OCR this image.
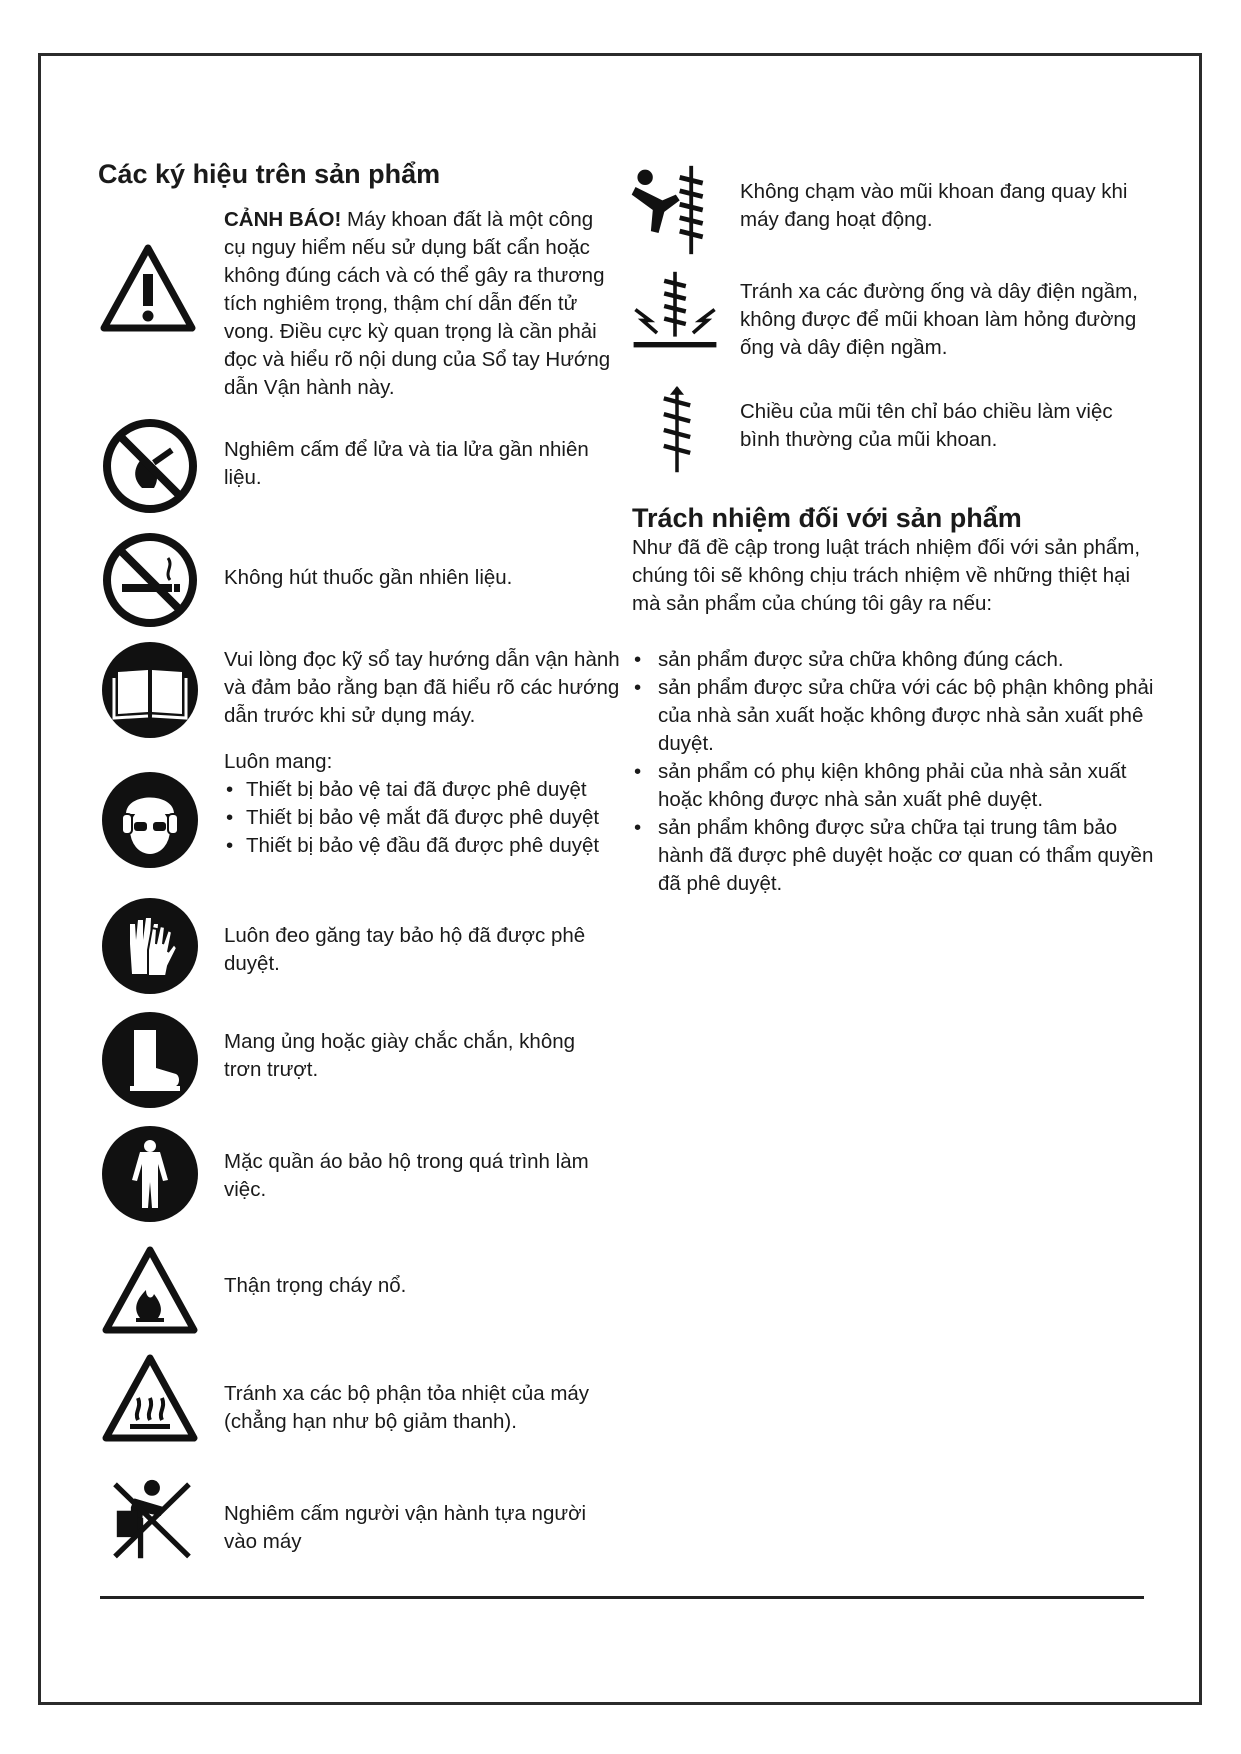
Các ký hiệu trên sản phẩm

CẢNH BÁO! Máy khoan đất là một công cụ nguy hiểm nếu sử dụng bất cẩn hoặc không đúng cách và có thể gây ra thương tích nghiêm trọng, thậm chí dẫn đến tử vong. Điều cực kỳ quan trọng là cần phải đọc và hiểu rõ nội dung của Sổ tay Hướng dẫn Vận hành này.

Nghiêm cấm để lửa và tia lửa gần nhiên liệu.

Không hút thuốc gần nhiên liệu.

Vui lòng đọc kỹ sổ tay hướng dẫn vận hành và đảm bảo rằng bạn đã hiểu rõ các hướng dẫn trước khi sử dụng máy.

Luôn mang:

• Thiết bị bảo vệ tai đã được phê duyệt
• Thiết bị bảo vệ mắt đã được phê duyệt
• Thiết bị bảo vệ đầu đã được phê duyệt

Luôn đeo găng tay bảo hộ đã được phê duyệt.

Mang ủng hoặc giày chắc chắn, không trơn trượt.

Mặc quần áo bảo hộ trong quá trình làm việc.

Thận trọng cháy nổ.

Tránh xa các bộ phận tỏa nhiệt của máy (chẳng hạn như bộ giảm thanh).

Nghiêm cấm người vận hành tựa người vào máy

Không chạm vào mũi khoan đang quay khi máy đang hoạt động.

Tránh xa các đường ống và dây điện ngầm, không được để mũi khoan làm hỏng đường ống và dây điện ngầm.

Chiều của mũi tên chỉ báo chiều làm việc bình thường của mũi khoan.

Trách nhiệm đối với sản phẩm

Như đã đề cập trong luật trách nhiệm đối với sản phẩm, chúng tôi sẽ không chịu trách nhiệm về những thiệt hại mà sản phẩm của chúng tôi gây ra nếu:

• sản phẩm được sửa chữa không đúng cách.
• sản phẩm được sửa chữa với các bộ phận không phải của nhà sản xuất hoặc không được nhà sản xuất phê duyệt.
• sản phẩm có phụ kiện không phải của nhà sản xuất hoặc không được nhà sản xuất phê duyệt.
• sản phẩm không được sửa chữa tại trung tâm bảo hành đã được phê duyệt hoặc cơ quan có thẩm quyền đã phê duyệt.
